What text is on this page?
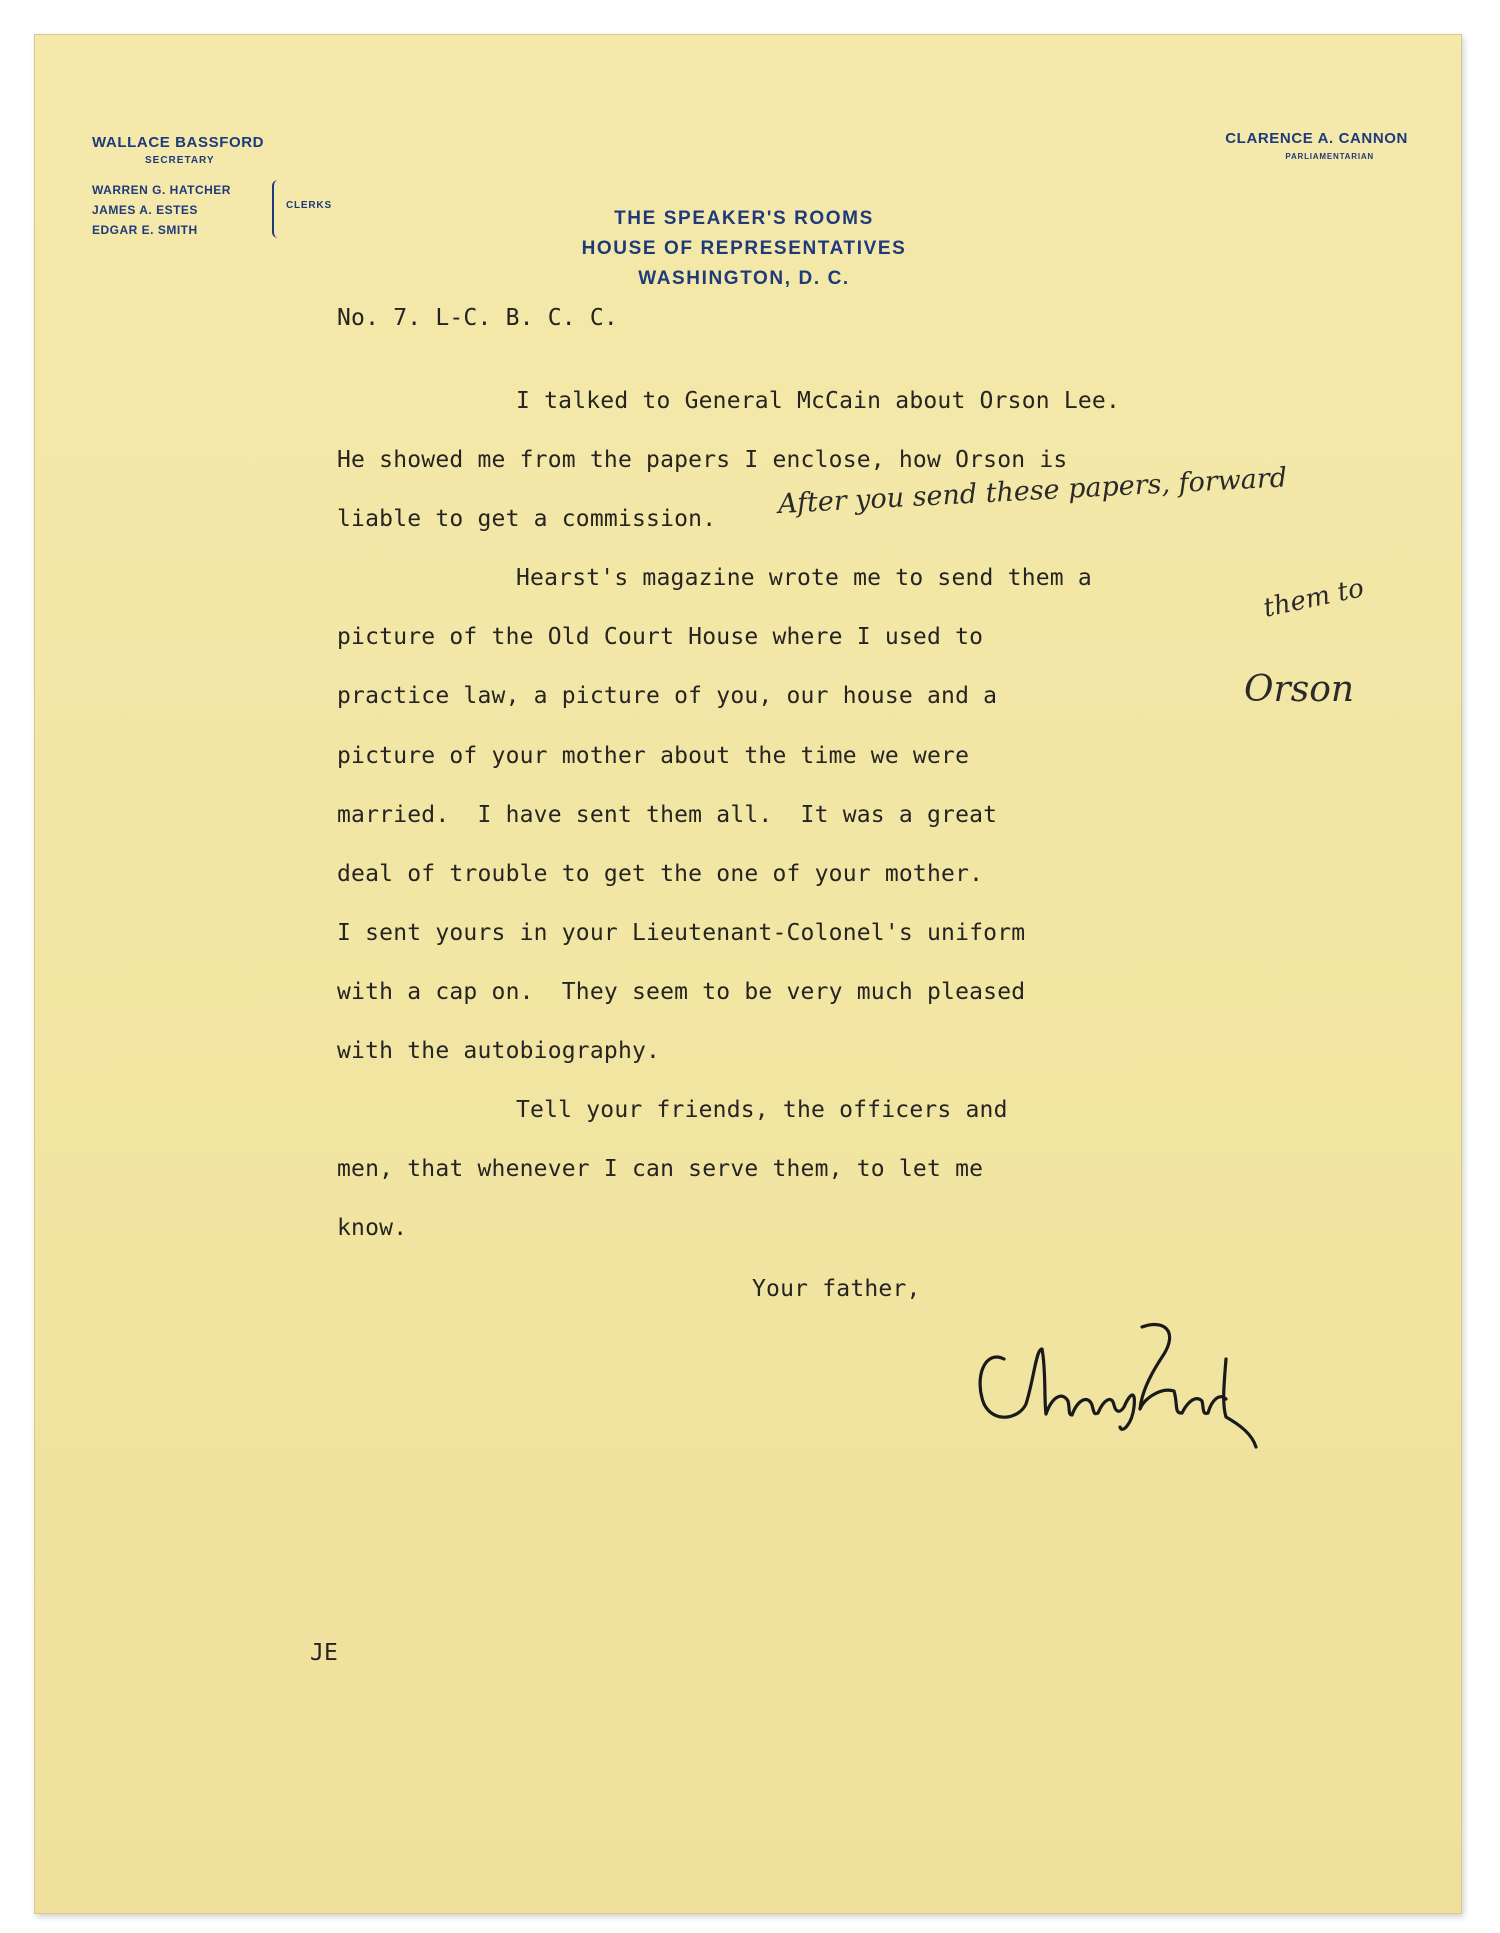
WALLACE BASSFORD
SECRETARY
WARREN G. HATCHER
JAMES A. ESTES
EDGAR E. SMITH
CLERKS
THE SPEAKER'S ROOMS
HOUSE OF REPRESENTATIVES
WASHINGTON, D. C.
CLARENCE A. CANNON
PARLIAMENTARIAN
No. 7. L-C. B. C. C.
I talked to General McCain about Orson Lee.
He showed me from the papers I enclose, how Orson is
liable to get a commission.
Hearst's magazine wrote me to send them a
picture of the Old Court House where I used to
practice law, a picture of you, our house and a
picture of your mother about the time we were
married.  I have sent them all.  It was a great
deal of trouble to get the one of your mother.
I sent yours in your Lieutenant-Colonel's uniform
with a cap on.  They seem to be very much pleased
with the autobiography.
Tell your friends, the officers and
men, that whenever I can serve them, to let me
know.
Your father,
JE
After you send these papers, forward
them to
Orson
